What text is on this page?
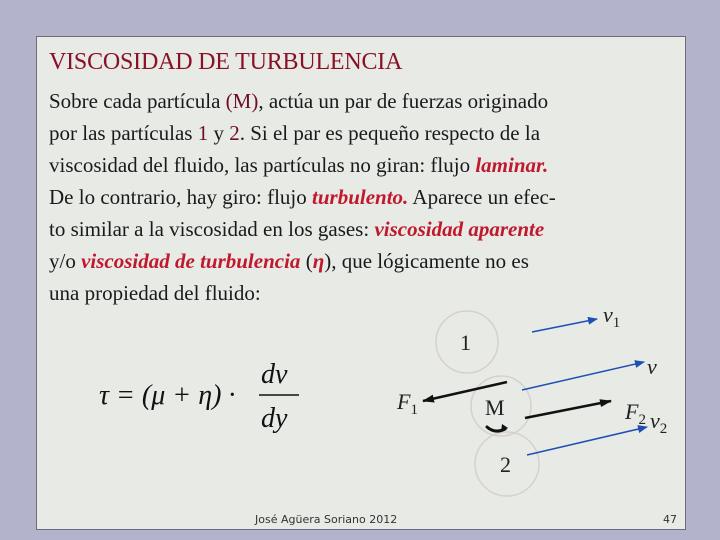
VISCOSIDAD DE TURBULENCIA
Sobre cada partícula (M), actúa un par de fuerzas originado
por las partículas 1 y 2. Si el par es pequeño respecto de la
viscosidad del fluido, las partículas no giran: flujo laminar.
De lo contrario, hay giro: flujo turbulento. Aparece un efec-
to similar a la viscosidad en los gases: viscosidad aparente
y/o viscosidad de turbulencia (η), que lógicamente no es
una propiedad del fluido:
τ = (μ + η) ·
dv
dy
1
M
2
$v_1$
v
$v_2$
$F_1$	$F_2$
José Agüera Soriano 2012	47
